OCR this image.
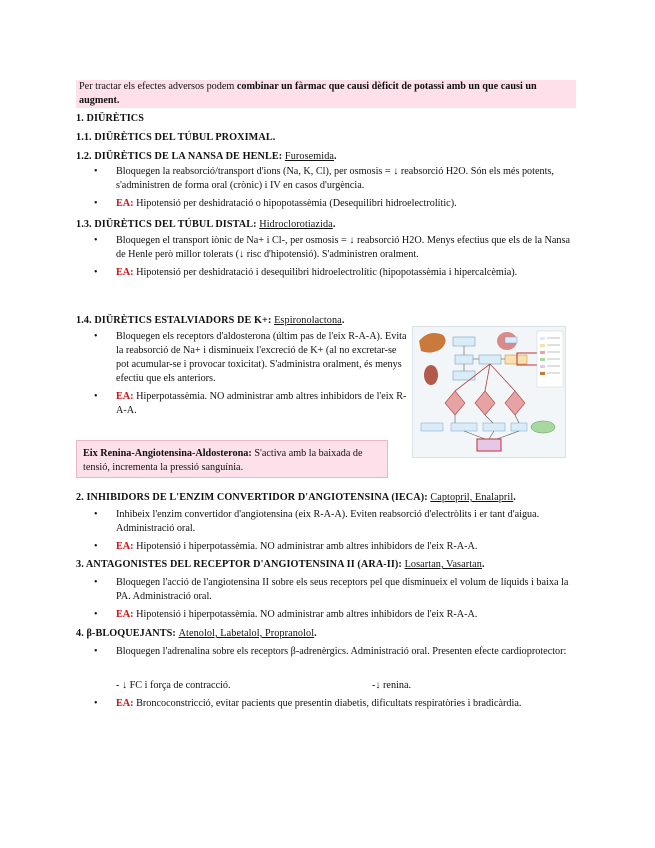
Per tractar els efectes adversos podem combinar un fàrmac que causi dèficit de potassi amb un que causi un augment.
1. DIÜRÈTICS
1.1. DIÜRÈTICS DEL TÚBUL PROXIMAL.
1.2. DIÜRÈTICS DE LA NANSA DE HENLE: Furosemida.
• Bloquegen la reabsorció/transport d'ions (Na, K, Cl), per osmosis = ↓ reabsorció H2O. Són els més potents, s'administren de forma oral (crònic) i IV en casos d'urgència.
• EA: Hipotensió per deshidratació o hipopotassèmia (Desequilibri hidroelectrolític).
1.3. DIÜRÈTICS DEL TÚBUL DISTAL: Hidroclorotiazida.
• Bloquegen el transport iònic de Na+ i Cl-, per osmosis = ↓ reabsorció H2O. Menys efectius que els de la Nansa de Henle però millor tolerats (↓ risc d'hipotensió). S'administren oralment.
• EA: Hipotensió per deshidratació i desequilibri hidroelectrolític (hipopotassèmia i hipercalcèmia).
1.4. DIÜRÈTICS ESTALVIADORS DE K+: Espironolactona.
• Bloquegen els receptors d'aldosterona (últim pas de l'eix R-A-A). Evita la reabsorció de Na+ i disminueix l'excreció de K+ (al no excretar-se pot acumular-se i provocar toxicitat). S'administra oralment, és menys efectiu que els anteriors.
• EA: Hiperpotassèmia. NO administrar amb altres inhibidors de l'eix R-A-A.
Eix Renina-Angiotensina-Aldosterona: S'activa amb la baixada de tensió, incrementa la pressió sanguínia.
2. INHIBIDORS DE L'ENZIM CONVERTIDOR D'ANGIOTENSINA (IECA): Captopril, Enalapril.
• Inhibeix l'enzim convertidor d'angiotensina (eix R-A-A). Eviten reabsorció d'electròlits i er tant d'aigua. Administració oral.
• EA: Hipotensió i hiperpotassèmia. NO administrar amb altres inhibidors de l'eix R-A-A.
3. ANTAGONISTES DEL RECEPTOR D'ANGIOTENSINA II (ARA-II): Losartan, Vasartan.
• Bloquegen l'acció de l'angiotensina II sobre els seus receptors pel que disminueix el volum de líquids i baixa la PA. Administració oral.
• EA: Hipotensió i hiperpotassèmia. NO administrar amb altres inhibidors de l'eix R-A-A.
4. β-BLOQUEJANTS: Atenolol, Labetalol, Propranolol.
• Bloquegen l'adrenalina sobre els receptors β-adrenèrgics. Administració oral. Presenten efecte cardioprotector:
- ↓ FC i força de contracció.	-↓ renina.
• EA: Broncoconstricció, evitar pacients que presentin diabetis, dificultats respiratòries i bradicàrdia.
